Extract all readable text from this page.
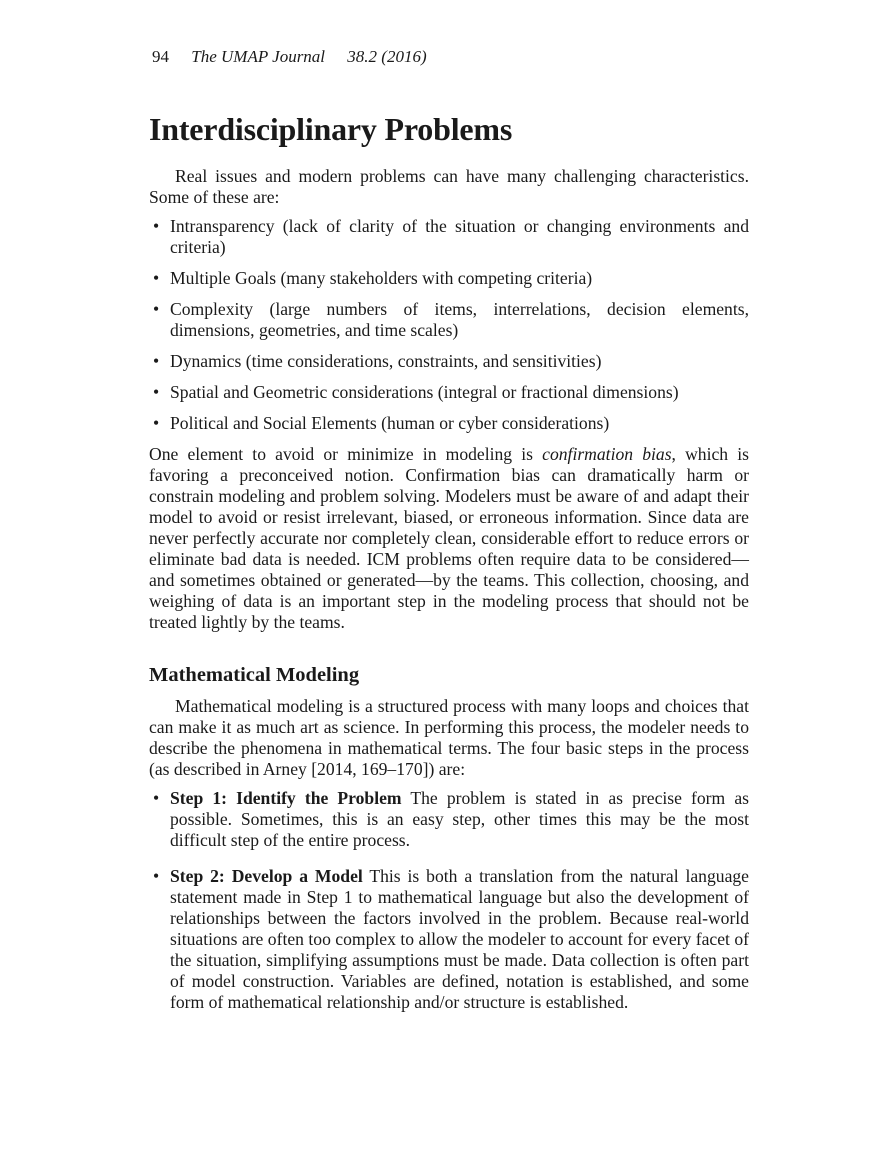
94 The UMAP Journal 38.2 (2016)
Interdisciplinary Problems

Real issues and modern problems can have many challenging characteristics. Some of these are:

• Intransparency (lack of clarity of the situation or changing environments and criteria)
• Multiple Goals (many stakeholders with competing criteria)
• Complexity (large numbers of items, interrelations, decision elements, dimensions, geometries, and time scales)
• Dynamics (time considerations, constraints, and sensitivities)
• Spatial and Geometric considerations (integral or fractional dimensions)
• Political and Social Elements (human or cyber considerations)

One element to avoid or minimize in modeling is confirmation bias, which is favoring a preconceived notion. Confirmation bias can dramatically harm or constrain modeling and problem solving. Modelers must be aware of and adapt their model to avoid or resist irrelevant, biased, or erroneous information. Since data are never perfectly accurate nor completely clean, considerable effort to reduce errors or eliminate bad data is needed. ICM problems often require data to be considered—and sometimes obtained or generated—by the teams. This collection, choosing, and weighing of data is an important step in the modeling process that should not be treated lightly by the teams.

Mathematical Modeling

Mathematical modeling is a structured process with many loops and choices that can make it as much art as science. In performing this process, the modeler needs to describe the phenomena in mathematical terms. The four basic steps in the process (as described in Arney [2014, 169–170]) are:

• Step 1: Identify the Problem The problem is stated in as precise form as possible. Sometimes, this is an easy step, other times this may be the most difficult step of the entire process.
• Step 2: Develop a Model This is both a translation from the natural language statement made in Step 1 to mathematical language but also the development of relationships between the factors involved in the problem. Because real-world situations are often too complex to allow the modeler to account for every facet of the situation, simplifying assumptions must be made. Data collection is often part of model construction. Variables are defined, notation is established, and some form of mathematical relationship and/or structure is established.
